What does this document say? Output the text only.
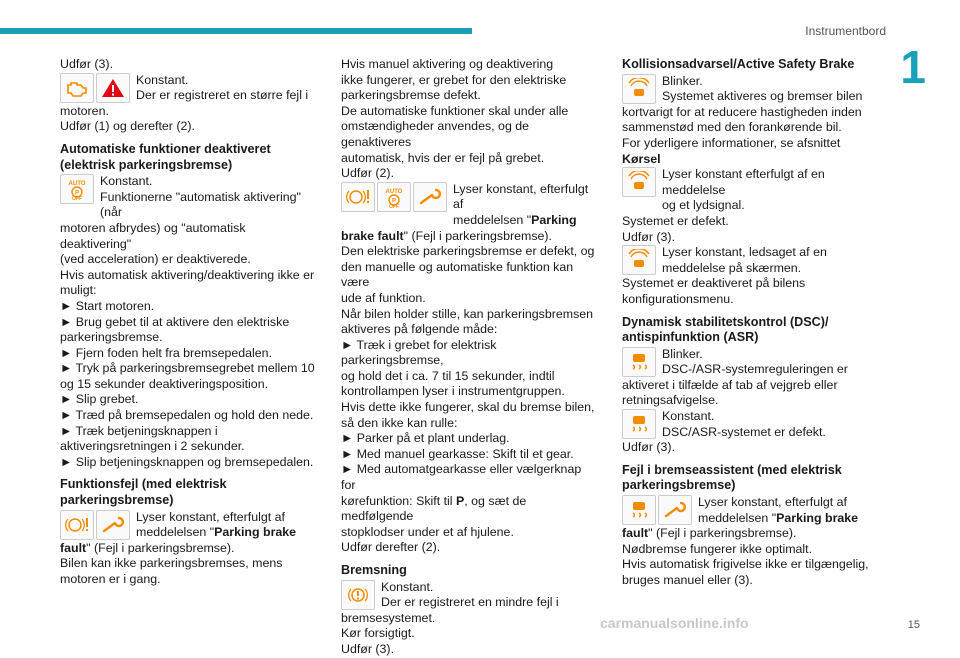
Instrumentbord
1
15
carmanualsonline.info

Udfør (3).

Konstant.
Der er registreret en større fejl i

motoren.

Udfør (1) og derefter (2).

Automatiske funktioner deaktiveret (elektrisk parkeringsbremse)
AUTO
P
OFF
Konstant.
Funktionerne "automatisk aktivering" (når

motoren afbrydes) og "automatisk deaktivering"

(ved acceleration) er deaktiverede.

Hvis automatisk aktivering/deaktivering ikke er

muligt:

► Start motoren.

► Brug gebet til at aktivere den elektriske

parkeringsbremse.

► Fjern foden helt fra bremsepedalen.

► Tryk på parkeringsbremsegrebet mellem 10

og 15 sekunder deaktiveringsposition.

► Slip grebet.

► Træd på bremsepedalen og hold den nede.

► Træk betjeningsknappen i

aktiveringsretningen i 2 sekunder.

► Slip betjeningsknappen og bremsepedalen.

Funktionsfejl (med elektrisk parkeringsbremse)
Lyser konstant, efterfulgt af
meddelelsen "Parking brake

fault" (Fejl i parkeringsbremse).

Bilen kan ikke parkeringsbremses, mens

motoren er i gang.

Hvis manuel aktivering og deaktivering

ikke fungerer, er grebet for den elektriske

parkeringsbremse defekt.

De automatiske funktioner skal under alle

omstændigheder anvendes, og de genaktiveres

automatisk, hvis der er fejl på grebet.

Udfør (2).

AUTO
P
OFF
Lyser konstant, efterfulgt af
meddelelsen "Parking

brake fault" (Fejl i parkeringsbremse).

Den elektriske parkeringsbremse er defekt, og

den manuelle og automatiske funktion kan være

ude af funktion.

Når bilen holder stille, kan parkeringsbremsen

aktiveres på følgende måde:

► Træk i grebet for elektrisk parkeringsbremse,

og hold det i ca. 7 til 15 sekunder, indtil

kontrollampen lyser i instrumentgruppen.

Hvis dette ikke fungerer, skal du bremse bilen,

så den ikke kan rulle:

► Parker på et plant underlag.

► Med manuel gearkasse: Skift til et gear.

► Med automatgearkasse eller vælgerknap for

kørefunktion: Skift til P, og sæt de medfølgende

stopklodser under et af hjulene.

Udfør derefter (2).

Bremsning
Konstant.
Der er registreret en mindre fejl i

bremsesystemet.

Kør forsigtigt.

Udfør (3).

Kollisionsadvarsel/Active Safety Brake
Blinker.
Systemet aktiveres og bremser bilen

kortvarigt for at reducere hastigheden inden

sammenstød med den forankørende bil.

For yderligere informationer, se afsnittet Kørsel

Lyser konstant efterfulgt af en meddelelse
og et lydsignal.

Systemet er defekt.

Udfør (3).

Lyser konstant, ledsaget af en
meddelelse på skærmen.

Systemet er deaktiveret på bilens

konfigurationsmenu.

Dynamisk stabilitetskontrol (DSC)/ antispinfunktion (ASR)
Blinker.
DSC-/ASR-systemreguleringen er

aktiveret i tilfælde af tab af vejgreb eller

retningsafvigelse.

Konstant.
DSC/ASR-systemet er defekt.

Udfør (3).

Fejl i bremseassistent (med elektrisk parkeringsbremse)
Lyser konstant, efterfulgt af
meddelelsen "Parking brake

fault" (Fejl i parkeringsbremse).

Nødbremse fungerer ikke optimalt.

Hvis automatisk frigivelse ikke er tilgængelig,

bruges manuel eller (3).
